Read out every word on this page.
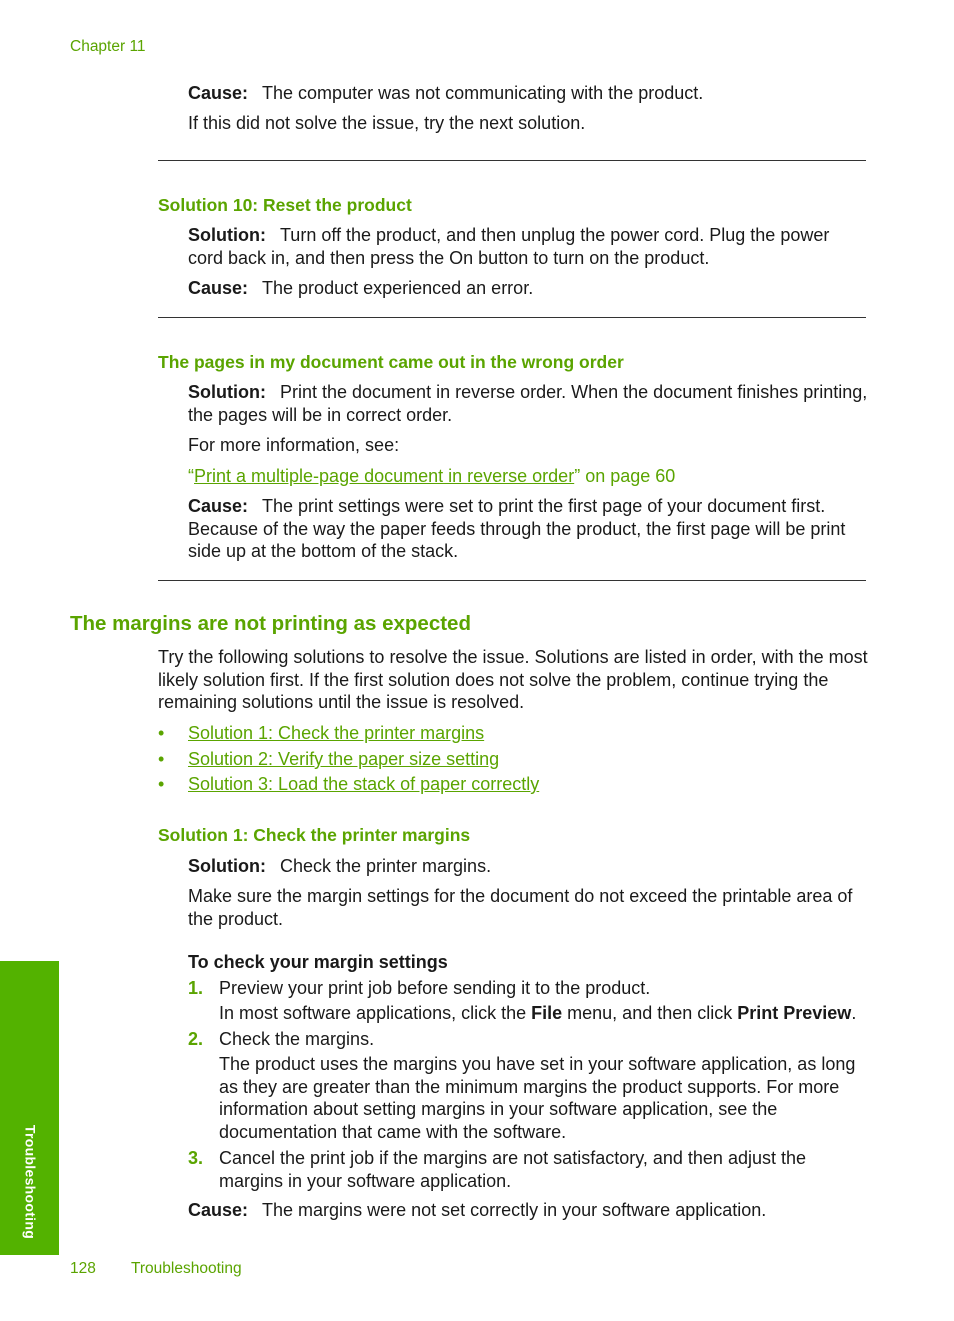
Chapter 11
Cause: The computer was not communicating with the product.
If this did not solve the issue, try the next solution.
Solution 10: Reset the product
Solution: Turn off the product, and then unplug the power cord. Plug the power cord back in, and then press the On button to turn on the product.
Cause: The product experienced an error.
The pages in my document came out in the wrong order
Solution: Print the document in reverse order. When the document finishes printing, the pages will be in correct order.
For more information, see:
“Print a multiple-page document in reverse order” on page 60
Cause: The print settings were set to print the first page of your document first. Because of the way the paper feeds through the product, the first page will be print side up at the bottom of the stack.
The margins are not printing as expected
Try the following solutions to resolve the issue. Solutions are listed in order, with the most likely solution first. If the first solution does not solve the problem, continue trying the remaining solutions until the issue is resolved.
• Solution 1: Check the printer margins
• Solution 2: Verify the paper size setting
• Solution 3: Load the stack of paper correctly
Solution 1: Check the printer margins
Solution: Check the printer margins.
Make sure the margin settings for the document do not exceed the printable area of the product.
To check your margin settings
1. Preview your print job before sending it to the product.
In most software applications, click the File menu, and then click Print Preview.
2. Check the margins.
The product uses the margins you have set in your software application, as long as they are greater than the minimum margins the product supports. For more information about setting margins in your software application, see the documentation that came with the software.
3. Cancel the print job if the margins are not satisfactory, and then adjust the margins in your software application.
Cause: The margins were not set correctly in your software application.
Troubleshooting
128 Troubleshooting
